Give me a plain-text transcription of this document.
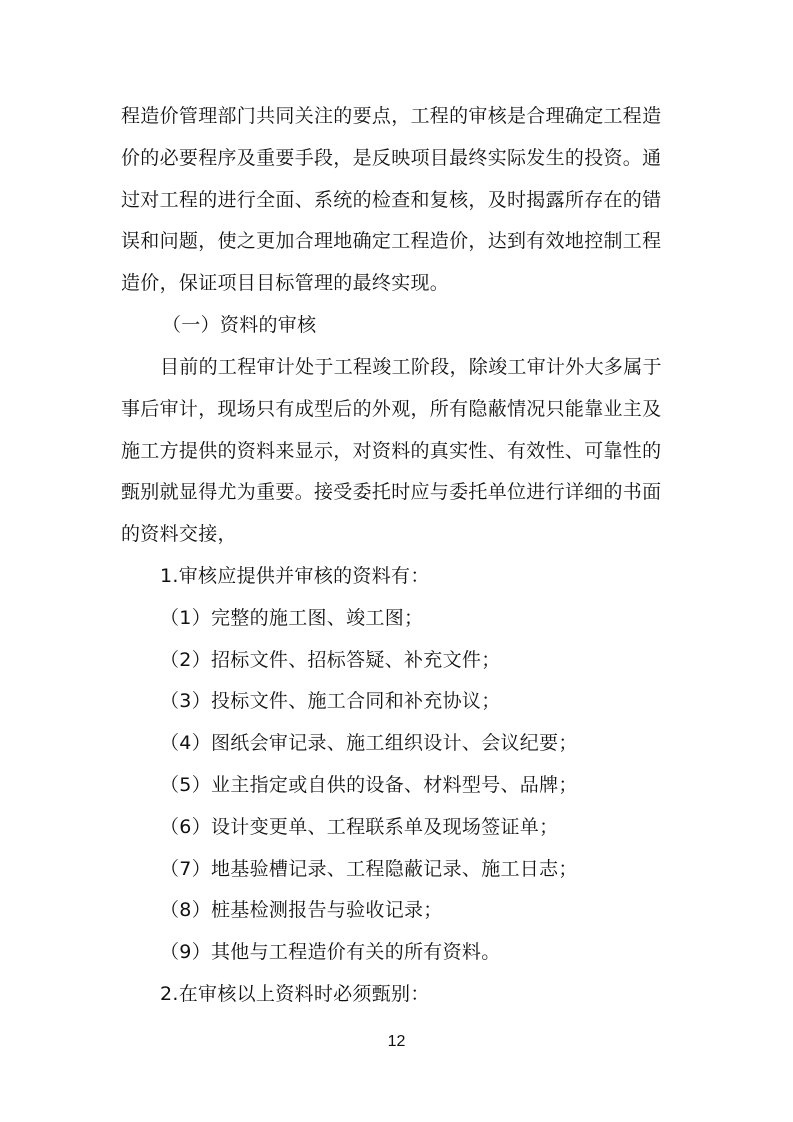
程造价管理部门共同关注的要点，工程的审核是合理确定工程造
价的必要程序及重要手段，是反映项目最终实际发生的投资。通
过对工程的进行全面、系统的检查和复核，及时揭露所存在的错
误和问题，使之更加合理地确定工程造价，达到有效地控制工程
造价，保证项目目标管理的最终实现。
（一）资料的审核
目前的工程审计处于工程竣工阶段，除竣工审计外大多属于
事后审计，现场只有成型后的外观，所有隐蔽情况只能靠业主及
施工方提供的资料来显示，对资料的真实性、有效性、可靠性的
甄别就显得尤为重要。接受委托时应与委托单位进行详细的书面
的资料交接，
1.审核应提供并审核的资料有：
（1）完整的施工图、竣工图；
（2）招标文件、招标答疑、补充文件；
（3）投标文件、施工合同和补充协议；
（4）图纸会审记录、施工组织设计、会议纪要；
（5）业主指定或自供的设备、材料型号、品牌；
（6）设计变更单、工程联系单及现场签证单；
（7）地基验槽记录、工程隐蔽记录、施工日志；
（8）桩基检测报告与验收记录；
（9）其他与工程造价有关的所有资料。
2.在审核以上资料时必须甄别：
12
